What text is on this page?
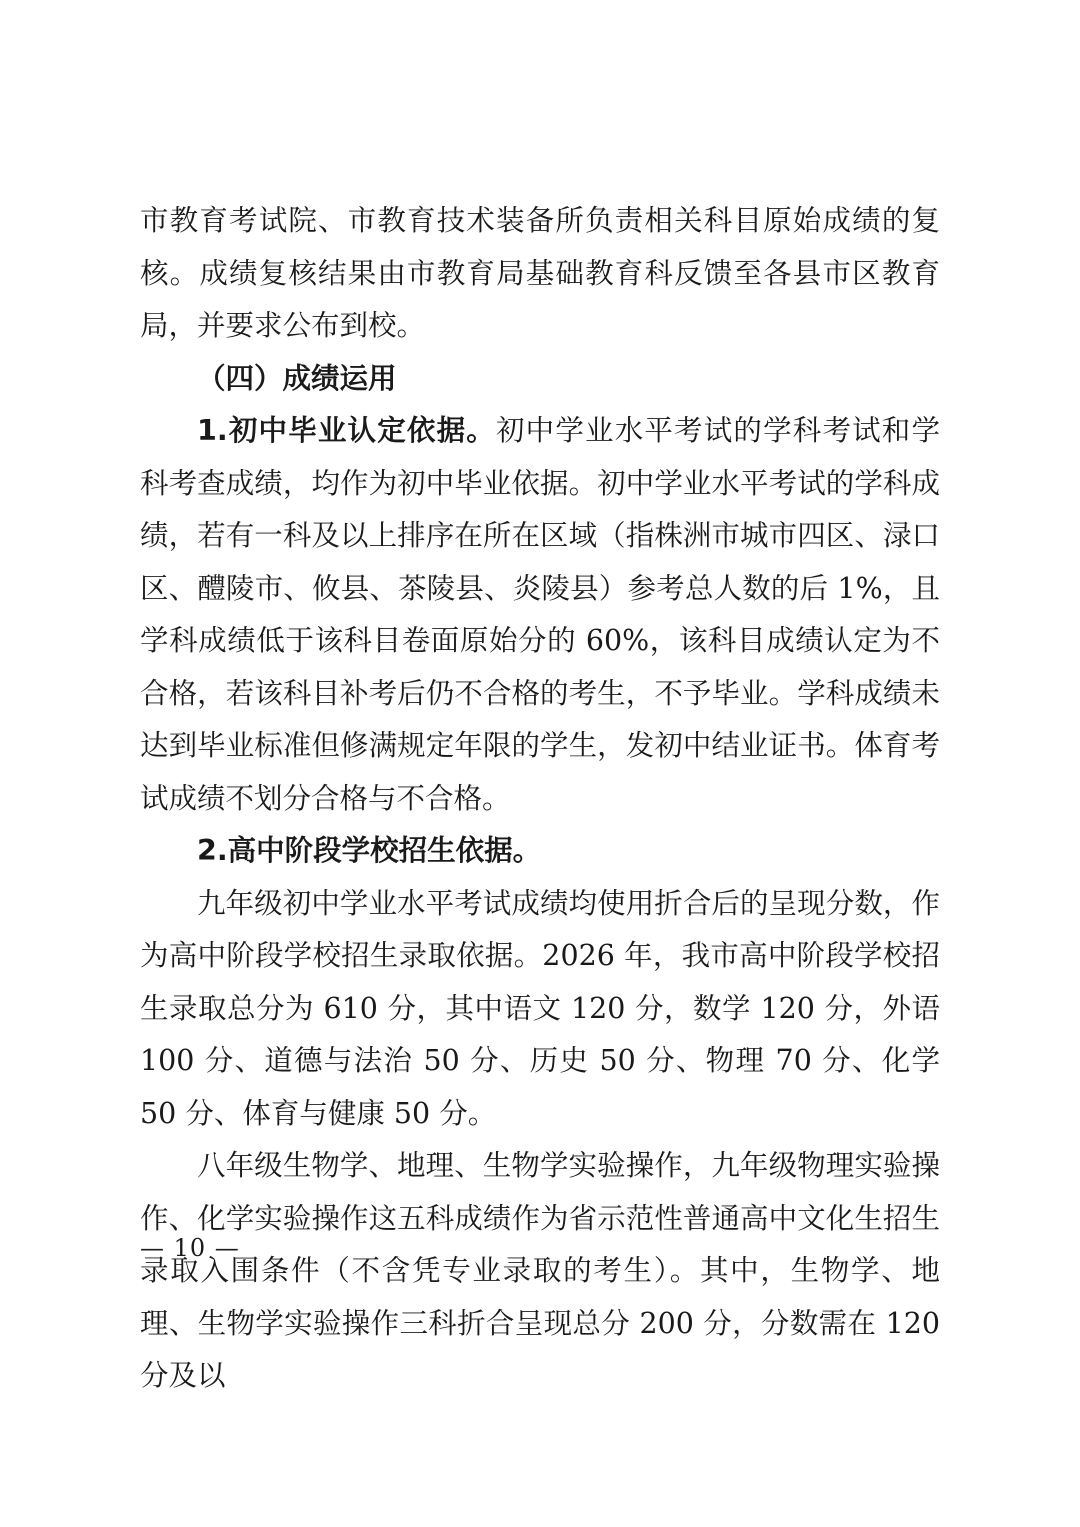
市教育考试院、市教育技术装备所负责相关科目原始成绩的复核。成绩复核结果由市教育局基础教育科反馈至各县市区教育局，并要求公布到校。

（四）成绩运用

1.初中毕业认定依据。初中学业水平考试的学科考试和学科考查成绩，均作为初中毕业依据。初中学业水平考试的学科成绩，若有一科及以上排序在所在区域（指株洲市城市四区、渌口区、醴陵市、攸县、茶陵县、炎陵县）参考总人数的后 1%，且学科成绩低于该科目卷面原始分的 60%，该科目成绩认定为不合格，若该科目补考后仍不合格的考生，不予毕业。学科成绩未达到毕业标准但修满规定年限的学生，发初中结业证书。体育考试成绩不划分合格与不合格。

2.高中阶段学校招生依据。

九年级初中学业水平考试成绩均使用折合后的呈现分数，作为高中阶段学校招生录取依据。2026 年，我市高中阶段学校招生录取总分为 610 分，其中语文 120 分，数学 120 分，外语 100 分、道德与法治 50 分、历史 50 分、物理 70 分、化学 50 分、体育与健康 50 分。

八年级生物学、地理、生物学实验操作，九年级物理实验操作、化学实验操作这五科成绩作为省示范性普通高中文化生招生录取入围条件（不含凭专业录取的考生）。其中，生物学、地理、生物学实验操作三科折合呈现总分 200 分，分数需在 120 分及以

— 10 —
